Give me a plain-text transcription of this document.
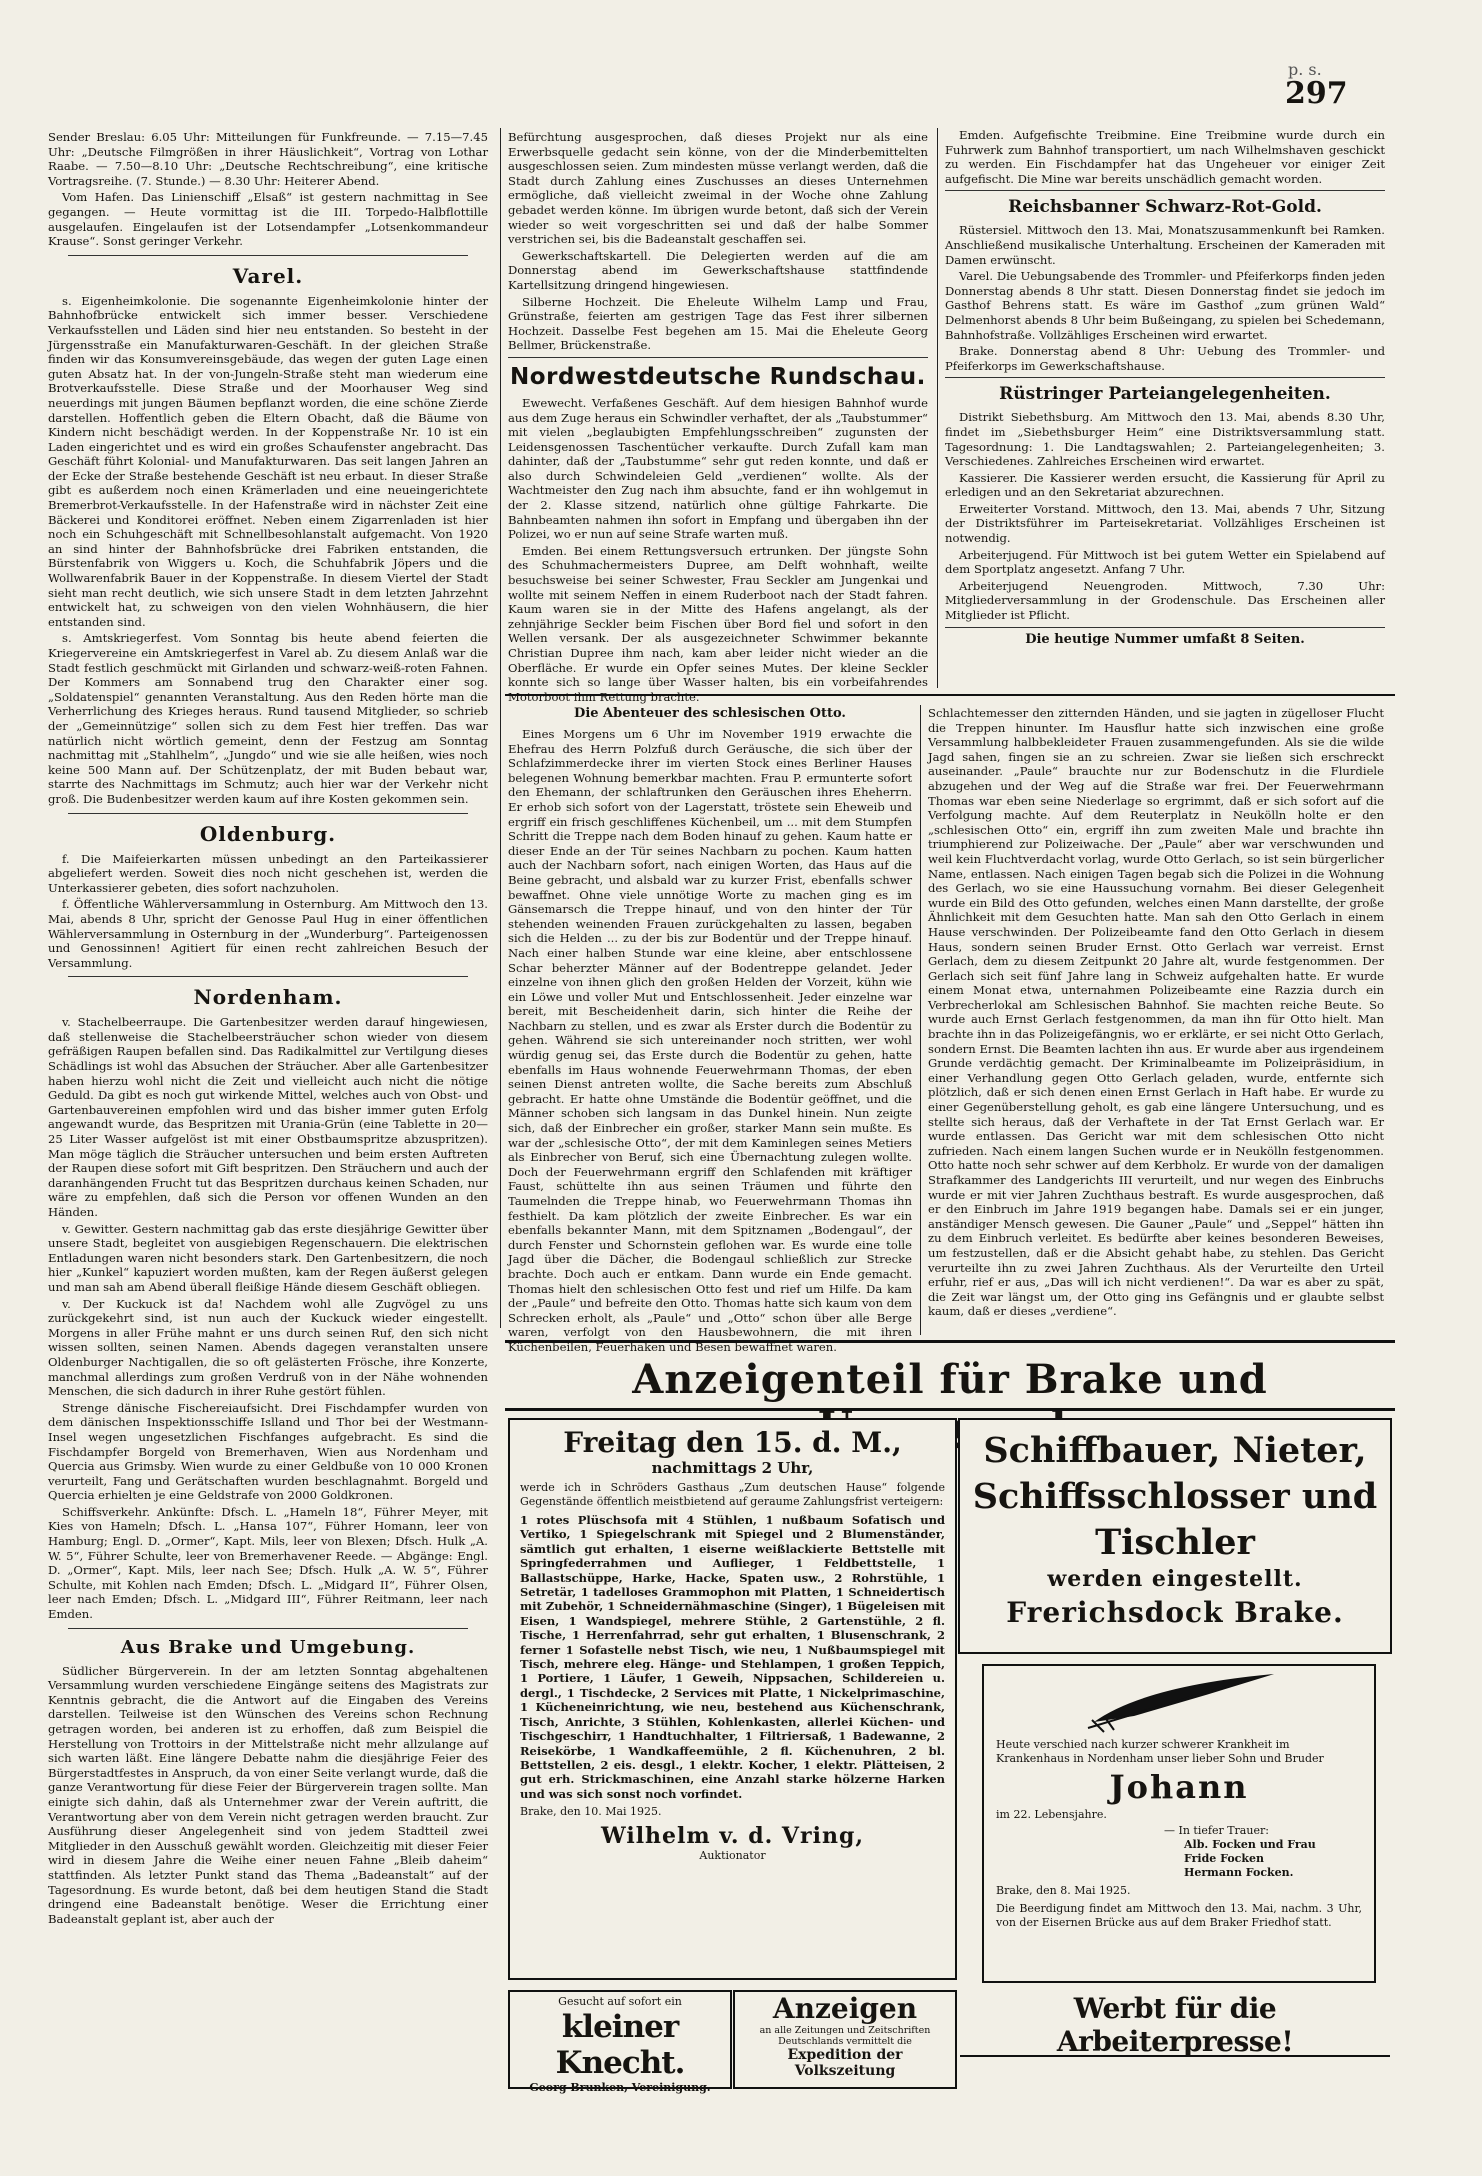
p. s.
297

Sender Breslau: 6.05 Uhr: Mitteilungen für Funkfreunde. — 7.15—7.45 Uhr: „Deutsche Filmgrößen in ihrer Häuslichkeit“, Vortrag von Lothar Raabe. — 7.50—8.10 Uhr: „Deutsche Rechtschreibung“, eine kritische Vortragsreihe. (7. Stunde.) — 8.30 Uhr: Heiterer Abend.

Vom Hafen. Das Linienschiff „Elsaß“ ist gestern nachmittag in See gegangen. — Heute vormittag ist die III. Torpedo-Halbflottille ausgelaufen. Eingelaufen ist der Lotsendampfer „Lotsenkommandeur Krause“. Sonst geringer Verkehr.

Varel.

s. Eigenheimkolonie. Die sogenannte Eigenheimkolonie hinter der Bahnhofbrücke entwickelt sich immer besser. Verschiedene Verkaufsstellen und Läden sind hier neu entstanden. So besteht in der Jürgensstraße ein Manufakturwaren-Geschäft. In der gleichen Straße finden wir das Konsumvereinsgebäude, das wegen der guten Lage einen guten Absatz hat. In der von-Jungeln-Straße steht man wiederum eine Brotverkaufsstelle. Diese Straße und der Moorhauser Weg sind neuerdings mit jungen Bäumen bepflanzt worden, die eine schöne Zierde darstellen. Hoffentlich geben die Eltern Obacht, daß die Bäume von Kindern nicht beschädigt werden. In der Koppenstraße Nr. 10 ist ein Laden eingerichtet und es wird ein großes Schaufenster angebracht. Das Geschäft führt Kolonial- und Manufakturwaren. Das seit langen Jahren an der Ecke der Straße bestehende Geschäft ist neu erbaut. In dieser Straße gibt es außerdem noch einen Krämerladen und eine neueingerichtete Bremerbrot-Verkaufsstelle. In der Hafenstraße wird in nächster Zeit eine Bäckerei und Konditorei eröffnet. Neben einem Zigarrenladen ist hier noch ein Schuhgeschäft mit Schnellbesohlanstalt aufgemacht. Von 1920 an sind hinter der Bahnhofsbrücke drei Fabriken entstanden, die Bürstenfabrik von Wiggers u. Koch, die Schuhfabrik Jöpers und die Wollwarenfabrik Bauer in der Koppenstraße. In diesem Viertel der Stadt sieht man recht deutlich, wie sich unsere Stadt in dem letzten Jahrzehnt entwickelt hat, zu schweigen von den vielen Wohnhäusern, die hier entstanden sind.

s. Amtskriegerfest. Vom Sonntag bis heute abend feierten die Kriegervereine ein Amtskriegerfest in Varel ab. Zu diesem Anlaß war die Stadt festlich geschmückt mit Girlanden und schwarz-weiß-roten Fahnen. Der Kommers am Sonnabend trug den Charakter einer sog. „Soldatenspiel“ genannten Veranstaltung. Aus den Reden hörte man die Verherrlichung des Krieges heraus. Rund tausend Mitglieder, so schrieb der „Gemeinnützige“ sollen sich zu dem Fest hier treffen. Das war natürlich nicht wörtlich gemeint, denn der Festzug am Sonntag nachmittag mit „Stahlhelm“, „Jungdo“ und wie sie alle heißen, wies noch keine 500 Mann auf. Der Schützenplatz, der mit Buden bebaut war, starrte des Nachmittags im Schmutz; auch hier war der Verkehr nicht groß. Die Budenbesitzer werden kaum auf ihre Kosten gekommen sein.

Oldenburg.

f. Die Maifeierkarten müssen unbedingt an den Parteikassierer abgeliefert werden. Soweit dies noch nicht geschehen ist, werden die Unterkassierer gebeten, dies sofort nachzuholen.

f. Öffentliche Wählerversammlung in Osternburg. Am Mittwoch den 13. Mai, abends 8 Uhr, spricht der Genosse Paul Hug in einer öffentlichen Wählerversammlung in Osternburg in der „Wunderburg“. Parteigenossen und Genossinnen! Agitiert für einen recht zahlreichen Besuch der Versammlung.

Nordenham.

v. Stachelbeerraupe. Die Gartenbesitzer werden darauf hingewiesen, daß stellenweise die Stachelbeersträucher schon wieder von diesem gefräßigen Raupen befallen sind. Das Radikalmittel zur Vertilgung dieses Schädlings ist wohl das Absuchen der Sträucher. Aber alle Gartenbesitzer haben hierzu wohl nicht die Zeit und vielleicht auch nicht die nötige Geduld. Da gibt es noch gut wirkende Mittel, welches auch von Obst- und Gartenbauvereinen empfohlen wird und das bisher immer guten Erfolg angewandt wurde, das Bespritzen mit Urania-Grün (eine Tablette in 20—25 Liter Wasser aufgelöst ist mit einer Obstbaumspritze abzuspritzen). Man möge täglich die Sträucher untersuchen und beim ersten Auftreten der Raupen diese sofort mit Gift bespritzen. Den Sträuchern und auch der daranhängenden Frucht tut das Bespritzen durchaus keinen Schaden, nur wäre zu empfehlen, daß sich die Person vor offenen Wunden an den Händen.

v. Gewitter. Gestern nachmittag gab das erste diesjährige Gewitter über unsere Stadt, begleitet von ausgiebigen Regenschauern. Die elektrischen Entladungen waren nicht besonders stark. Den Gartenbesitzern, die noch hier „Kunkel“ kapuziert worden mußten, kam der Regen äußerst gelegen und man sah am Abend überall fleißige Hände diesem Geschäft obliegen.

v. Der Kuckuck ist da! Nachdem wohl alle Zugvögel zu uns zurückgekehrt sind, ist nun auch der Kuckuck wieder eingestellt. Morgens in aller Frühe mahnt er uns durch seinen Ruf, den sich nicht wissen sollten, seinen Namen. Abends dagegen veranstalten unsere Oldenburger Nachtigallen, die so oft gelästerten Frösche, ihre Konzerte, manchmal allerdings zum großen Verdruß von in der Nähe wohnenden Menschen, die sich dadurch in ihrer Ruhe gestört fühlen.

Strenge dänische Fischereiaufsicht. Drei Fischdampfer wurden von dem dänischen Inspektionsschiffe Islland und Thor bei der Westmann-Insel wegen ungesetzlichen Fischfanges aufgebracht. Es sind die Fischdampfer Borgeld von Bremerhaven, Wien aus Nordenham und Quercia aus Grimsby. Wien wurde zu einer Geldbuße von 10 000 Kronen verurteilt, Fang und Gerätschaften wurden beschlagnahmt. Borgeld und Quercia erhielten je eine Geldstrafe von 2000 Goldkronen.

Schiffsverkehr. Ankünfte: Dfsch. L. „Hameln 18“, Führer Meyer, mit Kies von Hameln; Dfsch. L. „Hansa 107“, Führer Homann, leer von Hamburg; Engl. D. „Ormer“, Kapt. Mils, leer von Blexen; Dfsch. Hulk „A. W. 5“, Führer Schulte, leer von Bremerhavener Reede. — Abgänge: Engl. D. „Ormer“, Kapt. Mils, leer nach See; Dfsch. Hulk „A. W. 5“, Führer Schulte, mit Kohlen nach Emden; Dfsch. L. „Midgard II“, Führer Olsen, leer nach Emden; Dfsch. L. „Midgard III“, Führer Reitmann, leer nach Emden.

Aus Brake und Umgebung.

Südlicher Bürgerverein. In der am letzten Sonntag abgehaltenen Versammlung wurden verschiedene Eingänge seitens des Magistrats zur Kenntnis gebracht, die die Antwort auf die Eingaben des Vereins darstellen. Teilweise ist den Wünschen des Vereins schon Rechnung getragen worden, bei anderen ist zu erhoffen, daß zum Beispiel die Herstellung von Trottoirs in der Mittelstraße nicht mehr allzulange auf sich warten läßt. Eine längere Debatte nahm die diesjährige Feier des Bürgerstadtfestes in Anspruch, da von einer Seite verlangt wurde, daß die ganze Verantwortung für diese Feier der Bürgerverein tragen sollte. Man einigte sich dahin, daß als Unternehmer zwar der Verein auftritt, die Verantwortung aber von dem Verein nicht getragen werden braucht. Zur Ausführung dieser Angelegenheit sind von jedem Stadtteil zwei Mitglieder in den Ausschuß gewählt worden. Gleichzeitig mit dieser Feier wird in diesem Jahre die Weihe einer neuen Fahne „Bleib daheim“ stattfinden. Als letzter Punkt stand das Thema „Badeanstalt“ auf der Tagesordnung. Es wurde betont, daß bei dem heutigen Stand die Stadt dringend eine Badeanstalt benötige. Weser die Errichtung einer Badeanstalt geplant ist, aber auch der

Befürchtung ausgesprochen, daß dieses Projekt nur als eine Erwerbsquelle gedacht sein könne, von der die Minderbemittelten ausgeschlossen seien. Zum mindesten müsse verlangt werden, daß die Stadt durch Zahlung eines Zuschusses an dieses Unternehmen ermögliche, daß vielleicht zweimal in der Woche ohne Zahlung gebadet werden könne. Im übrigen wurde betont, daß sich der Verein wieder so weit vorgeschritten sei und daß der halbe Sommer verstrichen sei, bis die Badeanstalt geschaffen sei.

Gewerkschaftskartell. Die Delegierten werden auf die am Donnerstag abend im Gewerkschaftshause stattfindende Kartellsitzung dringend hingewiesen.

Silberne Hochzeit. Die Eheleute Wilhelm Lamp und Frau, Grünstraße, feierten am gestrigen Tage das Fest ihrer silbernen Hochzeit. Dasselbe Fest begehen am 15. Mai die Eheleute Georg Bellmer, Brückenstraße.

Nordwestdeutsche Rundschau.

Ewewecht. Verfaßenes Geschäft. Auf dem hiesigen Bahnhof wurde aus dem Zuge heraus ein Schwindler verhaftet, der als „Taubstummer“ mit vielen „beglaubigten Empfehlungsschreiben“ zugunsten der Leidensgenossen Taschentücher verkaufte. Durch Zufall kam man dahinter, daß der „Taubstumme“ sehr gut reden konnte, und daß er also durch Schwindeleien Geld „verdienen“ wollte. Als der Wachtmeister den Zug nach ihm absuchte, fand er ihn wohlgemut in der 2. Klasse sitzend, natürlich ohne gültige Fahrkarte. Die Bahnbeamten nahmen ihn sofort in Empfang und übergaben ihn der Polizei, wo er nun auf seine Strafe warten muß.

Emden. Bei einem Rettungsversuch ertrunken. Der jüngste Sohn des Schuhmachermeisters Dupree, am Delft wohnhaft, weilte besuchsweise bei seiner Schwester, Frau Seckler am Jungenkai und wollte mit seinem Neffen in einem Ruderboot nach der Stadt fahren. Kaum waren sie in der Mitte des Hafens angelangt, als der zehnjährige Seckler beim Fischen über Bord fiel und sofort in den Wellen versank. Der als ausgezeichneter Schwimmer bekannte Christian Dupree ihm nach, kam aber leider nicht wieder an die Oberfläche. Er wurde ein Opfer seines Mutes. Der kleine Seckler konnte sich so lange über Wasser halten, bis ein vorbeifahrendes Motorboot ihm Rettung brachte.

Emden. Aufgefischte Treibmine. Eine Treibmine wurde durch ein Fuhrwerk zum Bahnhof transportiert, um nach Wilhelmshaven geschickt zu werden. Ein Fischdampfer hat das Ungeheuer vor einiger Zeit aufgefischt. Die Mine war bereits unschädlich gemacht worden.

Reichsbanner Schwarz-Rot-Gold.

Rüstersiel. Mittwoch den 13. Mai, Monatszusammenkunft bei Ramken. Anschließend musikalische Unterhaltung. Erscheinen der Kameraden mit Damen erwünscht.

Varel. Die Uebungsabende des Trommler- und Pfeiferkorps finden jeden Donnerstag abends 8 Uhr statt. Diesen Donnerstag findet sie jedoch im Gasthof Behrens statt. Es wäre im Gasthof „zum grünen Wald“ Delmenhorst abends 8 Uhr beim Bußeingang, zu spielen bei Schedemann, Bahnhofstraße. Vollzähliges Erscheinen wird erwartet.

Brake. Donnerstag abend 8 Uhr: Uebung des Trommler- und Pfeiferkorps im Gewerkschaftshause.

Rüstringer Parteiangelegenheiten.

Distrikt Siebethsburg. Am Mittwoch den 13. Mai, abends 8.30 Uhr, findet im „Siebethsburger Heim“ eine Distriktsversammlung statt. Tagesordnung: 1. Die Landtagswahlen; 2. Parteiangelegenheiten; 3. Verschiedenes. Zahlreiches Erscheinen wird erwartet.

Kassierer. Die Kassierer werden ersucht, die Kassierung für April zu erledigen und an den Sekretariat abzurechnen.

Erweiterter Vorstand. Mittwoch, den 13. Mai, abends 7 Uhr, Sitzung der Distriktsführer im Parteisekretariat. Vollzähliges Erscheinen ist notwendig.

Arbeiterjugend. Für Mittwoch ist bei gutem Wetter ein Spielabend auf dem Sportplatz angesetzt. Anfang 7 Uhr.

Arbeiterjugend Neuengroden. Mittwoch, 7.30 Uhr: Mitgliederversammlung in der Grodenschule. Das Erscheinen aller Mitglieder ist Pflicht.

Die heutige Nummer umfaßt 8 Seiten.
Die Abenteuer des schlesischen Otto.

Eines Morgens um 6 Uhr im November 1919 erwachte die Ehefrau des Herrn Polzfuß durch Geräusche, die sich über der Schlafzimmerdecke ihrer im vierten Stock eines Berliner Hauses belegenen Wohnung bemerkbar machten. Frau P. ermunterte sofort den Ehemann, der schlaftrunken den Geräuschen ihres Eheherrn. Er erhob sich sofort von der Lagerstatt, tröstete sein Eheweib und ergriff ein frisch geschliffenes Küchenbeil, um ... mit dem Stumpfen Schritt die Treppe nach dem Boden hinauf zu gehen. Kaum hatte er dieser Ende an der Tür seines Nachbarn zu pochen. Kaum hatten auch der Nachbarn sofort, nach einigen Worten, das Haus auf die Beine gebracht, und alsbald war zu kurzer Frist, ebenfalls schwer bewaffnet. Ohne viele unnötige Worte zu machen ging es im Gänsemarsch die Treppe hinauf, und von den hinter der Tür stehenden weinenden Frauen zurückgehalten zu lassen, begaben sich die Helden ... zu der bis zur Bodentür und der Treppe hinauf. Nach einer halben Stunde war eine kleine, aber entschlossene Schar beherzter Männer auf der Bodentreppe gelandet. Jeder einzelne von ihnen glich den großen Helden der Vorzeit, kühn wie ein Löwe und voller Mut und Entschlossenheit. Jeder einzelne war bereit, mit Bescheidenheit darin, sich hinter die Reihe der Nachbarn zu stellen, und es zwar als Erster durch die Bodentür zu gehen. Während sie sich untereinander noch stritten, wer wohl würdig genug sei, das Erste durch die Bodentür zu gehen, hatte ebenfalls im Haus wohnende Feuerwehrmann Thomas, der eben seinen Dienst antreten wollte, die Sache bereits zum Abschluß gebracht. Er hatte ohne Umstände die Bodentür geöffnet, und die Männer schoben sich langsam in das Dunkel hinein. Nun zeigte sich, daß der Einbrecher ein großer, starker Mann sein mußte. Es war der „schlesische Otto“, der mit dem Kaminlegen seines Metiers als Einbrecher von Beruf, sich eine Übernachtung zulegen wollte. Doch der Feuerwehrmann ergriff den Schlafenden mit kräftiger Faust, schüttelte ihn aus seinen Träumen und führte den Taumelnden die Treppe hinab, wo Feuerwehrmann Thomas ihn festhielt. Da kam plötzlich der zweite Einbrecher. Es war ein ebenfalls bekannter Mann, mit dem Spitznamen „Bodengaul“, der durch Fenster und Schornstein geflohen war. Es wurde eine tolle Jagd über die Dächer, die Bodengaul schließlich zur Strecke brachte. Doch auch er entkam. Dann wurde ein Ende gemacht. Thomas hielt den schlesischen Otto fest und rief um Hilfe. Da kam der „Paule“ und befreite den Otto. Thomas hatte sich kaum von dem Schrecken erholt, als „Paule“ und „Otto“ schon über alle Berge waren, verfolgt von den Hausbewohnern, die mit ihren Küchenbeilen, Feuerhaken und Besen bewaffnet waren.

Schlachtemesser den zitternden Händen, und sie jagten in zügelloser Flucht die Treppen hinunter. Im Hausflur hatte sich inzwischen eine große Versammlung halbbekleideter Frauen zusammengefunden. Als sie die wilde Jagd sahen, fingen sie an zu schreien. Zwar sie ließen sich erschreckt auseinander. „Paule“ brauchte nur zur Bodenschutz in die Flurdiele abzugehen und der Weg auf die Straße war frei. Der Feuerwehrmann Thomas war eben seine Niederlage so ergrimmt, daß er sich sofort auf die Verfolgung machte. Auf dem Reuterplatz in Neukölln holte er den „schlesischen Otto“ ein, ergriff ihn zum zweiten Male und brachte ihn triumphierend zur Polizeiwache. Der „Paule“ aber war verschwunden und weil kein Fluchtverdacht vorlag, wurde Otto Gerlach, so ist sein bürgerlicher Name, entlassen. Nach einigen Tagen begab sich die Polizei in die Wohnung des Gerlach, wo sie eine Haussuchung vornahm. Bei dieser Gelegenheit wurde ein Bild des Otto gefunden, welches einen Mann darstellte, der große Ähnlichkeit mit dem Gesuchten hatte. Man sah den Otto Gerlach in einem Hause verschwinden. Der Polizeibeamte fand den Otto Gerlach in diesem Haus, sondern seinen Bruder Ernst. Otto Gerlach war verreist. Ernst Gerlach, dem zu diesem Zeitpunkt 20 Jahre alt, wurde festgenommen. Der Gerlach sich seit fünf Jahre lang in Schweiz aufgehalten hatte. Er wurde einem Monat etwa, unternahmen Polizeibeamte eine Razzia durch ein Verbrecherlokal am Schlesischen Bahnhof. Sie machten reiche Beute. So wurde auch Ernst Gerlach festgenommen, da man ihn für Otto hielt. Man brachte ihn in das Polizeigefängnis, wo er erklärte, er sei nicht Otto Gerlach, sondern Ernst. Die Beamten lachten ihn aus. Er wurde aber aus irgendeinem Grunde verdächtig gemacht. Der Kriminalbeamte im Polizeipräsidium, in einer Verhandlung gegen Otto Gerlach geladen, wurde, entfernte sich plötzlich, daß er sich denen einen Ernst Gerlach in Haft habe. Er wurde zu einer Gegenüberstellung geholt, es gab eine längere Untersuchung, und es stellte sich heraus, daß der Verhaftete in der Tat Ernst Gerlach war. Er wurde entlassen. Das Gericht war mit dem schlesischen Otto nicht zufrieden. Nach einem langen Suchen wurde er in Neukölln festgenommen. Otto hatte noch sehr schwer auf dem Kerbholz. Er wurde von der damaligen Strafkammer des Landgerichts III verurteilt, und nur wegen des Einbruchs wurde er mit vier Jahren Zuchthaus bestraft. Es wurde ausgesprochen, daß er den Einbruch im Jahre 1919 begangen habe. Damals sei er ein junger, anständiger Mensch gewesen. Die Gauner „Paule“ und „Seppel“ hätten ihn zu dem Einbruch verleitet. Es bedürfte aber keines besonderen Beweises, um festzustellen, daß er die Absicht gehabt habe, zu stehlen. Das Gericht verurteilte ihn zu zwei Jahren Zuchthaus. Als der Verurteilte den Urteil erfuhr, rief er aus, „Das will ich nicht verdienen!“. Da war es aber zu spät, die Zeit war längst um, der Otto ging ins Gefängnis und er glaubte selbst kaum, daß er dieses „verdiene“.

Anzeigenteil für Brake und
Freitag den 15. d. M.,
nachmittags 2 Uhr,

werde ich in Schröders Gasthaus „Zum deutschen Hause“ folgende Gegenstände öffentlich meistbietend auf geraume Zahlungsfrist verteigern:

1 rotes Plüschsofa mit 4 Stühlen, 1 nußbaum Sofatisch und Vertiko, 1 Spiegelschrank mit Spiegel und 2 Blumenständer, sämtlich gut erhalten, 1 eiserne weißlackierte Bettstelle mit Springfederrahmen und Auflieger, 1 Feldbettstelle, 1 Ballastschüppe, Harke, Hacke, Spaten usw., 2 Rohrstühle, 1 Setretär, 1 tadelloses Grammophon mit Platten, 1 Schneidertisch mit Zubehör, 1 Schneidernähmaschine (Singer), 1 Bügeleisen mit Eisen, 1 Wandspiegel, mehrere Stühle, 2 Gartenstühle, 2 fl. Tische, 1 Herrenfahrrad, sehr gut erhalten, 1 Blusenschrank, 2 ferner 1 Sofastelle nebst Tisch, wie neu, 1 Nußbaumspiegel mit Tisch, mehrere eleg. Hänge- und Stehlampen, 1 großen Teppich, 1 Portiere, 1 Läufer, 1 Geweih, Nippsachen, Schildereien u. dergl., 1 Tischdecke, 2 Services mit Platte, 1 Nickelprimaschine, 1 Kücheneinrichtung, wie neu, bestehend aus Küchenschrank, Tisch, Anrichte, 3 Stühlen, Kohlenkasten, allerlei Küchen- und Tischgeschirr, 1 Handtuchhalter, 1 Filtriersaß, 1 Badewanne, 2 Reisekörbe, 1 Wandkaffeemühle, 2 fl. Küchenuhren, 2 bl. Bettstellen, 2 eis. desgl., 1 elektr. Kocher, 1 elektr. Plätteisen, 2 gut erh. Strickmaschinen, eine Anzahl starke hölzerne Harken und was sich sonst noch vorfindet.

Brake, den 10. Mai 1925.
Wilhelm v. d. Vring,
Auktionator
Schiffbauer, Nieter,
Schiffsschlosser und
Tischler
werden eingestellt.
Frerichsdock Brake.

Heute verschied nach kurzer schwerer Krankheit im Krankenhaus in Nordenham unser lieber Sohn und Bruder

Johann
im 22. Lebensjahre.
— In tiefer Trauer:
Alb. Focken und Frau
Fride Focken
Hermann Focken.
Brake, den 8. Mai 1925.

Die Beerdigung findet am Mittwoch den 13. Mai, nachm. 3 Uhr, von der Eisernen Brücke aus auf dem Braker Friedhof statt.

Gesucht auf sofort ein
kleiner Knecht.
Georg Brunken, Vereinigung.
Anzeigen
an alle Zeitungen und Zeitschriften Deutschlands vermittelt die
Expedition der Volkszeitung
Werbt für die Arbeiterpresse!
